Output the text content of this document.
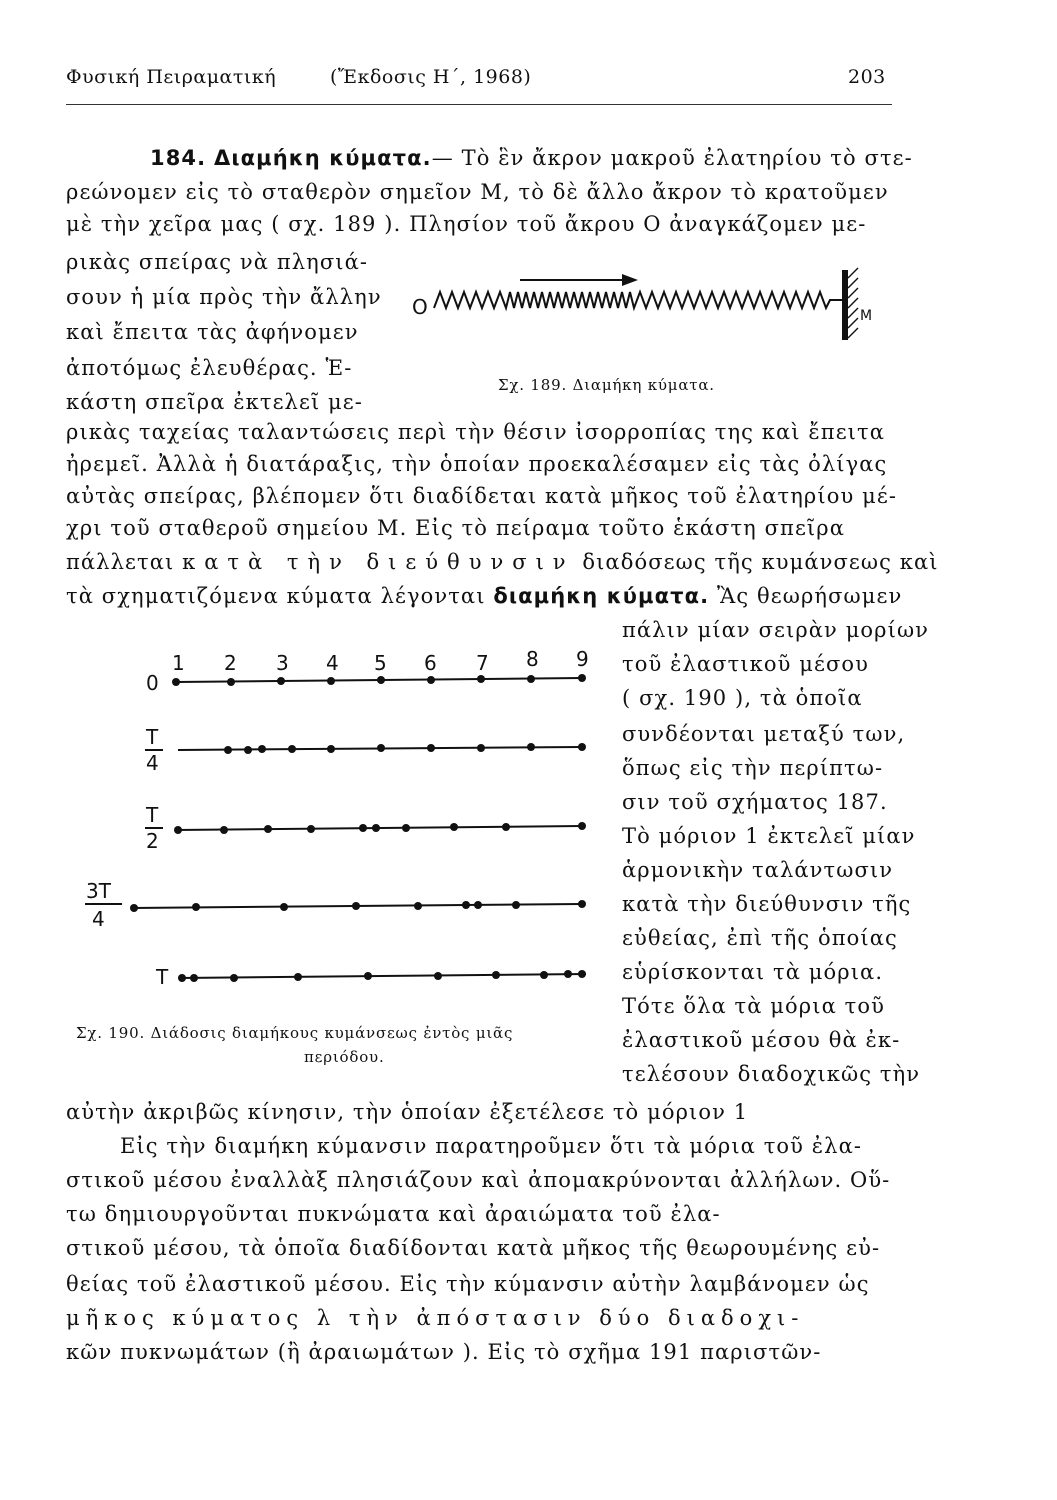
Φυσική Πειραματική	(Ἔκδοσις Η΄, 1968)	203
184. Διαμήκη κύματα.— Τὸ ἓν ἄκρον μακροῦ ἐλατηρίου τὸ στε-
ρεώνομεν εἰς τὸ σταθερὸν σημεῖον Μ, τὸ δὲ ἄλλο ἄκρον τὸ κρατοῦμεν
μὲ τὴν χεῖρα μας ( σχ. 189 ). Πλησίον τοῦ ἄκρου Ο ἀναγκάζομεν με-
ρικὰς σπείρας νὰ πλησιά-
σουν ἡ μία πρὸς τὴν ἄλλην
καὶ ἔπειτα τὰς ἀφήνομεν
ἀποτόμως ἐλευθέρας. Ἑ-
κάστη σπεῖρα ἐκτελεῖ με-
O	M
Σχ. 189. Διαμήκη κύματα.
ρικὰς ταχείας ταλαντώσεις περὶ τὴν θέσιν ἰσορροπίας της καὶ ἔπειτα
ἠρεμεῖ. Ἀλλὰ ἡ διατάραξις, τὴν ὁποίαν προεκαλέσαμεν εἰς τὰς ὀλίγας
αὐτὰς σπείρας, βλέπομεν ὅτι διαδίδεται κατὰ μῆκος τοῦ ἐλατηρίου μέ-
χρι τοῦ σταθεροῦ σημείου Μ. Εἰς τὸ πείραμα τοῦτο ἑκάστη σπεῖρα
πάλλεται κατὰ τὴν διεύθυνσιν διαδόσεως τῆς κυμάνσεως καὶ
τὰ σχηματιζόμενα κύματα λέγονται διαμήκη κύματα. Ἂς θεωρήσωμεν
1 2 3 4 5 6 7 8 9
0
T
4
T
2
3T
4
T
Σχ. 190. Διάδοσις διαμήκους κυμάνσεως ἐντὸς μιᾶς
περιόδου.
πάλιν μίαν σειρὰν μορίων
τοῦ ἐλαστικοῦ μέσου
( σχ. 190 ), τὰ ὁποῖα
συνδέονται μεταξύ των,
ὅπως εἰς τὴν περίπτω-
σιν τοῦ σχήματος 187.
Τὸ μόριον 1 ἐκτελεῖ μίαν
ἁρμονικὴν ταλάντωσιν
κατὰ τὴν διεύθυνσιν τῆς
εὐθείας, ἐπὶ τῆς ὁποίας
εὑρίσκονται τὰ μόρια.
Τότε ὅλα τὰ μόρια τοῦ
ἐλαστικοῦ μέσου θὰ ἐκ-
τελέσουν διαδοχικῶς τὴν
αὐτὴν ἀκριβῶς κίνησιν, τὴν ὁποίαν ἐξετέλεσε τὸ μόριον 1
Εἰς τὴν διαμήκη κύμανσιν παρατηροῦμεν ὅτι τὰ μόρια τοῦ ἐλα-
στικοῦ μέσου ἐναλλὰξ πλησιάζουν καὶ ἀπομακρύνονται ἀλλήλων. Οὕ-
τω δημιουργοῦνται πυκνώματα καὶ ἀραιώματα τοῦ ἐλα-
στικοῦ μέσου, τὰ ὁποῖα διαδίδονται κατὰ μῆκος τῆς θεωρουμένης εὐ-
θείας τοῦ ἐλαστικοῦ μέσου. Εἰς τὴν κύμανσιν αὐτὴν λαμβάνομεν ὡς
μῆκος κύματος λ τὴν ἀπόστασιν δύο διαδοχι-
κῶν πυκνωμάτων (ἢ ἀραιωμάτων ). Εἰς τὸ σχῆμα 191 παριστῶν-
